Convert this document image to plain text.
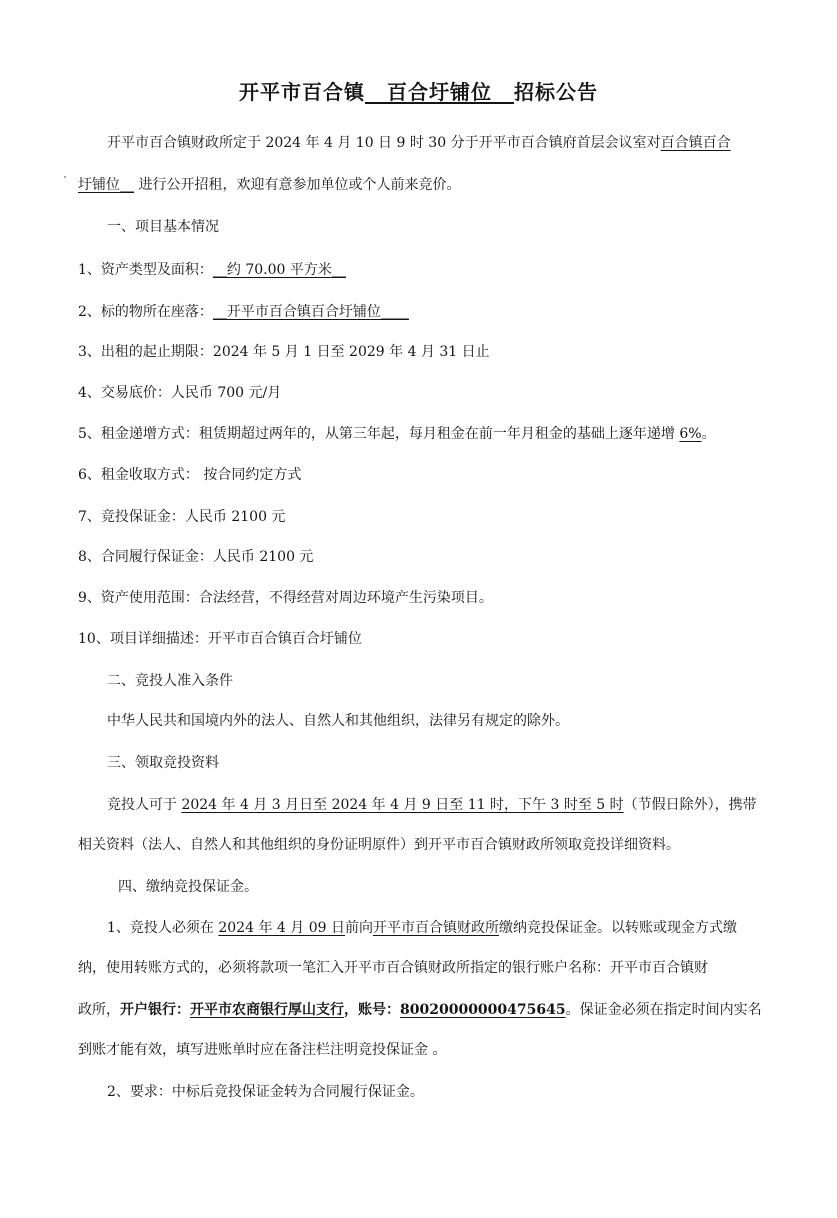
开平市百合镇__百合圩铺位__招标公告
开平市百合镇财政所定于 2024 年 4 月 10 日 9 时 30 分于开平市百合镇府首层会议室对百合镇百合
圩铺位__ 进行公开招租，欢迎有意参加单位或个人前来竞价。
一、项目基本情况
1、资产类型及面积：__约 70.00 平方米__
2、标的物所在座落：__开平市百合镇百合圩铺位____
3、出租的起止期限：2024 年 5 月 1 日至 2029 年 4 月 31 日止
4、交易底价：人民币 700 元/月
5、租金递增方式：租赁期超过两年的，从第三年起，每月租金在前一年月租金的基础上逐年递增 6%。
6、租金收取方式： 按合同约定方式
7、竞投保证金：人民币 2100 元
8、合同履行保证金：人民币 2100 元
9、资产使用范围：合法经营，不得经营对周边环境产生污染项目。
10、项目详细描述：开平市百合镇百合圩铺位
二、竞投人准入条件
中华人民共和国境内外的法人、自然人和其他组织，法律另有规定的除外。
三、领取竞投资料
竞投人可于 2024 年 4 月 3 月日至 2024 年 4 月 9 日至 11 时，下午 3 时至 5 时（节假日除外），携带
相关资料（法人、自然人和其他组织的身份证明原件）到开平市百合镇财政所领取竞投详细资料。
四、缴纳竞投保证金。
1、竞投人必须在 2024 年 4 月 09 日前向开平市百合镇财政所缴纳竞投保证金。以转账或现金方式缴
纳，使用转账方式的，必须将款项一笔汇入开平市百合镇财政所指定的银行账户名称：开平市百合镇财
政所，开户银行：开平市农商银行厚山支行，账号：80020000000475645。保证金必须在指定时间内实名
到账才能有效，填写进账单时应在备注栏注明竞投保证金 。
2、要求：中标后竞投保证金转为合同履行保证金。
